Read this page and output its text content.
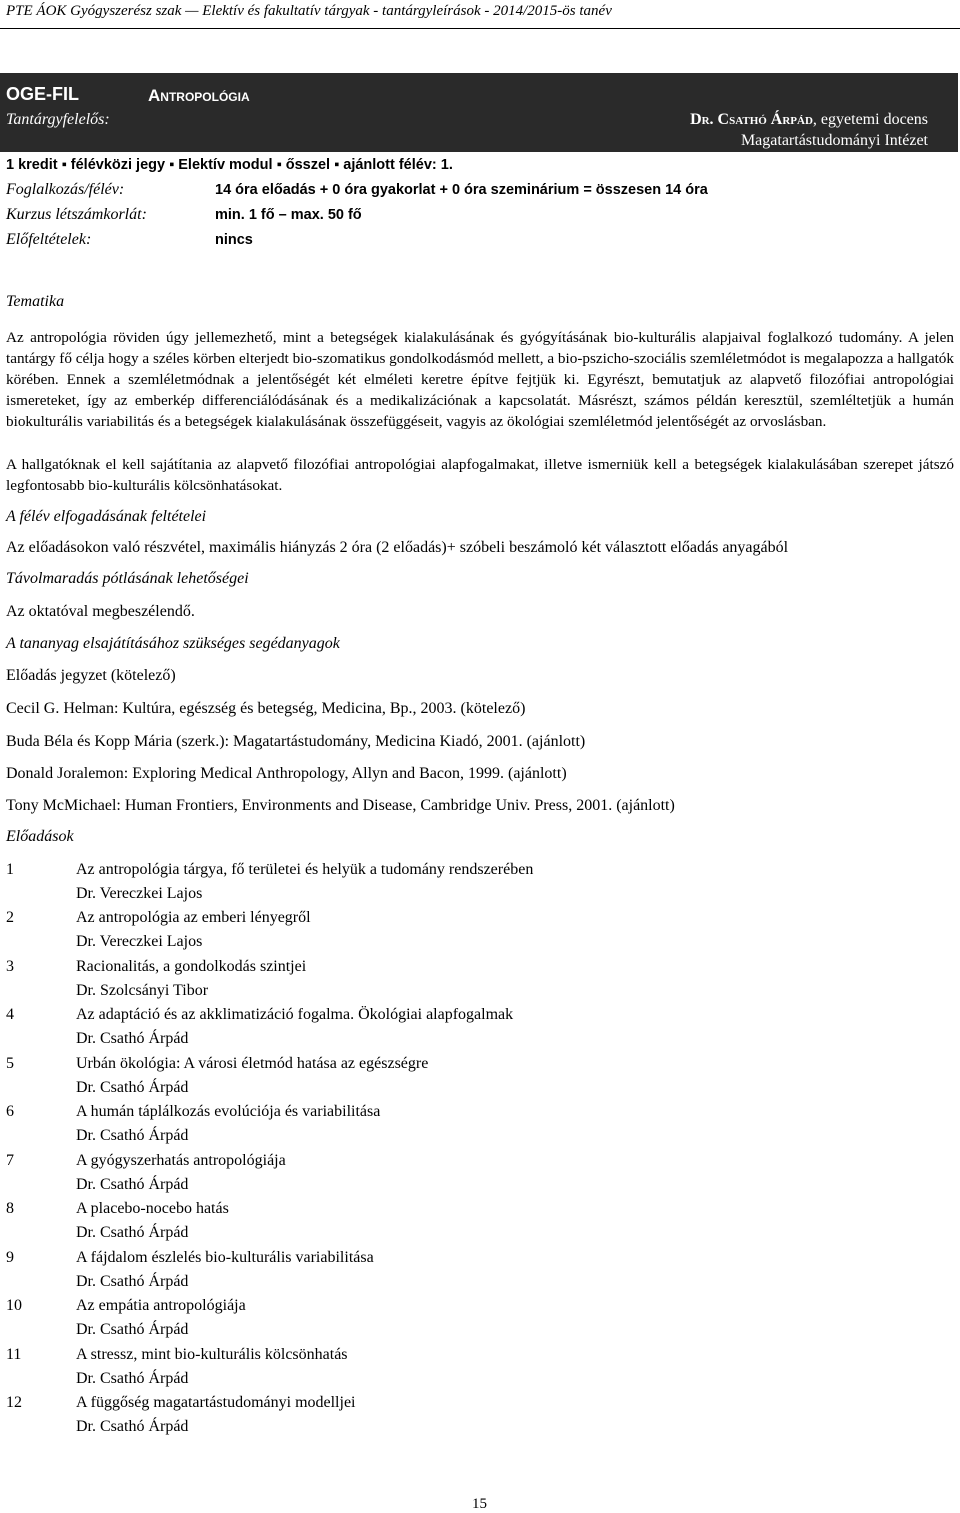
PTE ÁOK Gyógyszerész szak — Elektív és fakultatív tárgyak - tantárgyleírások - 2014/2015-ös tanév
OGE-FIL	Antropológia
Tantárgyfelelős:	Dr. Csathó Árpád, egyetemi docens
Magatartástudományi Intézet
1 kredit ▪ félévközi jegy ▪ Elektív modul ▪ ősszel ▪ ajánlott félév: 1.
Foglalkozás/félév:	14 óra előadás + 0 óra gyakorlat + 0 óra szeminárium = összesen 14 óra
Kurzus létszámkorlát:	min. 1 fő – max. 50 fő
Előfeltételek:	nincs
Tematika
Az antropológia röviden úgy jellemezhető, mint a betegségek kialakulásának és gyógyításának bio-kulturális alapjaival foglalkozó tudomány. A jelen tantárgy fő célja hogy a széles körben elterjedt bio-szomatikus gondolkodásmód mellett, a bio-pszicho-szociális szemléletmódot is megalapozza a hallgatók körében. Ennek a szemléletmódnak a jelentőségét két elméleti keretre építve fejtjük ki. Egyrészt, bemutatjuk az alapvető filozófiai antropológiai ismereteket, így az emberkép differenciálódásának és a medikalizációnak a kapcsolatát. Másrészt, számos példán keresztül, szemléltetjük a humán biokulturális variabilitás és a betegségek kialakulásának összefüggéseit, vagyis az ökológiai szemléletmód jelentőségét az orvoslásban.
A hallgatóknak el kell sajátítania az alapvető filozófiai antropológiai alapfogalmakat, illetve ismerniük kell a betegségek kialakulásában szerepet játszó legfontosabb bio-kulturális kölcsönhatásokat.
A félév elfogadásának feltételei
Az előadásokon való részvétel, maximális hiányzás 2 óra (2 előadás)+ szóbeli beszámoló két választott előadás anyagából
Távolmaradás pótlásának lehetőségei
Az oktatóval megbeszélendő.
A tananyag elsajátításához szükséges segédanyagok
Előadás jegyzet (kötelező)
Cecil G. Helman: Kultúra, egészség és betegség, Medicina, Bp., 2003. (kötelező)
Buda Béla és Kopp Mária (szerk.): Magatartástudomány, Medicina Kiadó, 2001. (ajánlott)
Donald Joralemon: Exploring Medical Anthropology, Allyn and Bacon, 1999. (ajánlott)
Tony McMichael: Human Frontiers, Environments and Disease, Cambridge Univ. Press, 2001. (ajánlott)
Előadások
1	Az antropológia tárgya, fő területei és helyük a tudomány rendszerében
Dr. Vereczkei Lajos
2	Az antropológia az emberi lényegről
Dr. Vereczkei Lajos
3	Racionalitás, a gondolkodás szintjei
Dr. Szolcsányi Tibor
4	Az adaptáció és az akklimatizáció fogalma. Ökológiai alapfogalmak
Dr. Csathó Árpád
5	Urbán ökológia: A városi életmód hatása az egészségre
Dr. Csathó Árpád
6	A humán táplálkozás evolúciója és variabilitása
Dr. Csathó Árpád
7	A gyógyszerhatás antropológiája
Dr. Csathó Árpád
8	A placebo-nocebo hatás
Dr. Csathó Árpád
9	A fájdalom észlelés bio-kulturális variabilitása
Dr. Csathó Árpád
10	Az empátia antropológiája
Dr. Csathó Árpád
11	A stressz, mint bio-kulturális kölcsönhatás
Dr. Csathó Árpád
12	A függőség magatartástudományi modelljei
Dr. Csathó Árpád
15
